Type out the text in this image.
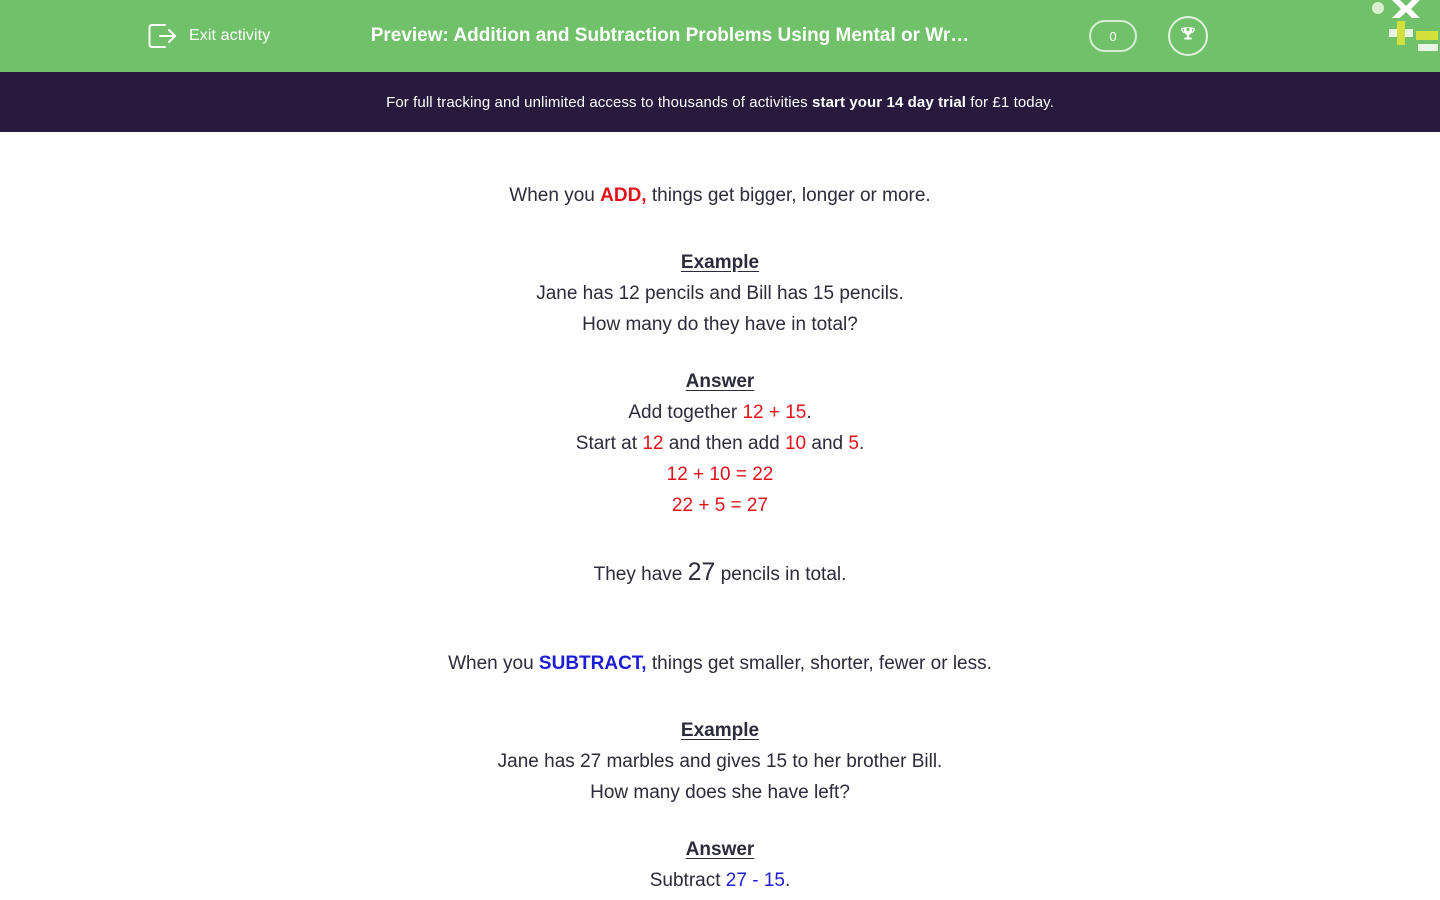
Exit activity	Preview: Addition and Subtraction Problems Using Mental or Wr…	0
For full tracking and unlimited access to thousands of activities start your 14 day trial for £1 today.
When you ADD, things get bigger, longer or more.
Example
Jane has 12 pencils and Bill has 15 pencils.
How many do they have in total?
Answer
Add together 12 + 15.
Start at 12 and then add 10 and 5.
12 + 10 = 22
22 + 5 = 27
They have 27 pencils in total.
When you SUBTRACT, things get smaller, shorter, fewer or less.
Example
Jane has 27 marbles and gives 15 to her brother Bill.
How many does she have left?
Answer
Subtract 27 - 15.
